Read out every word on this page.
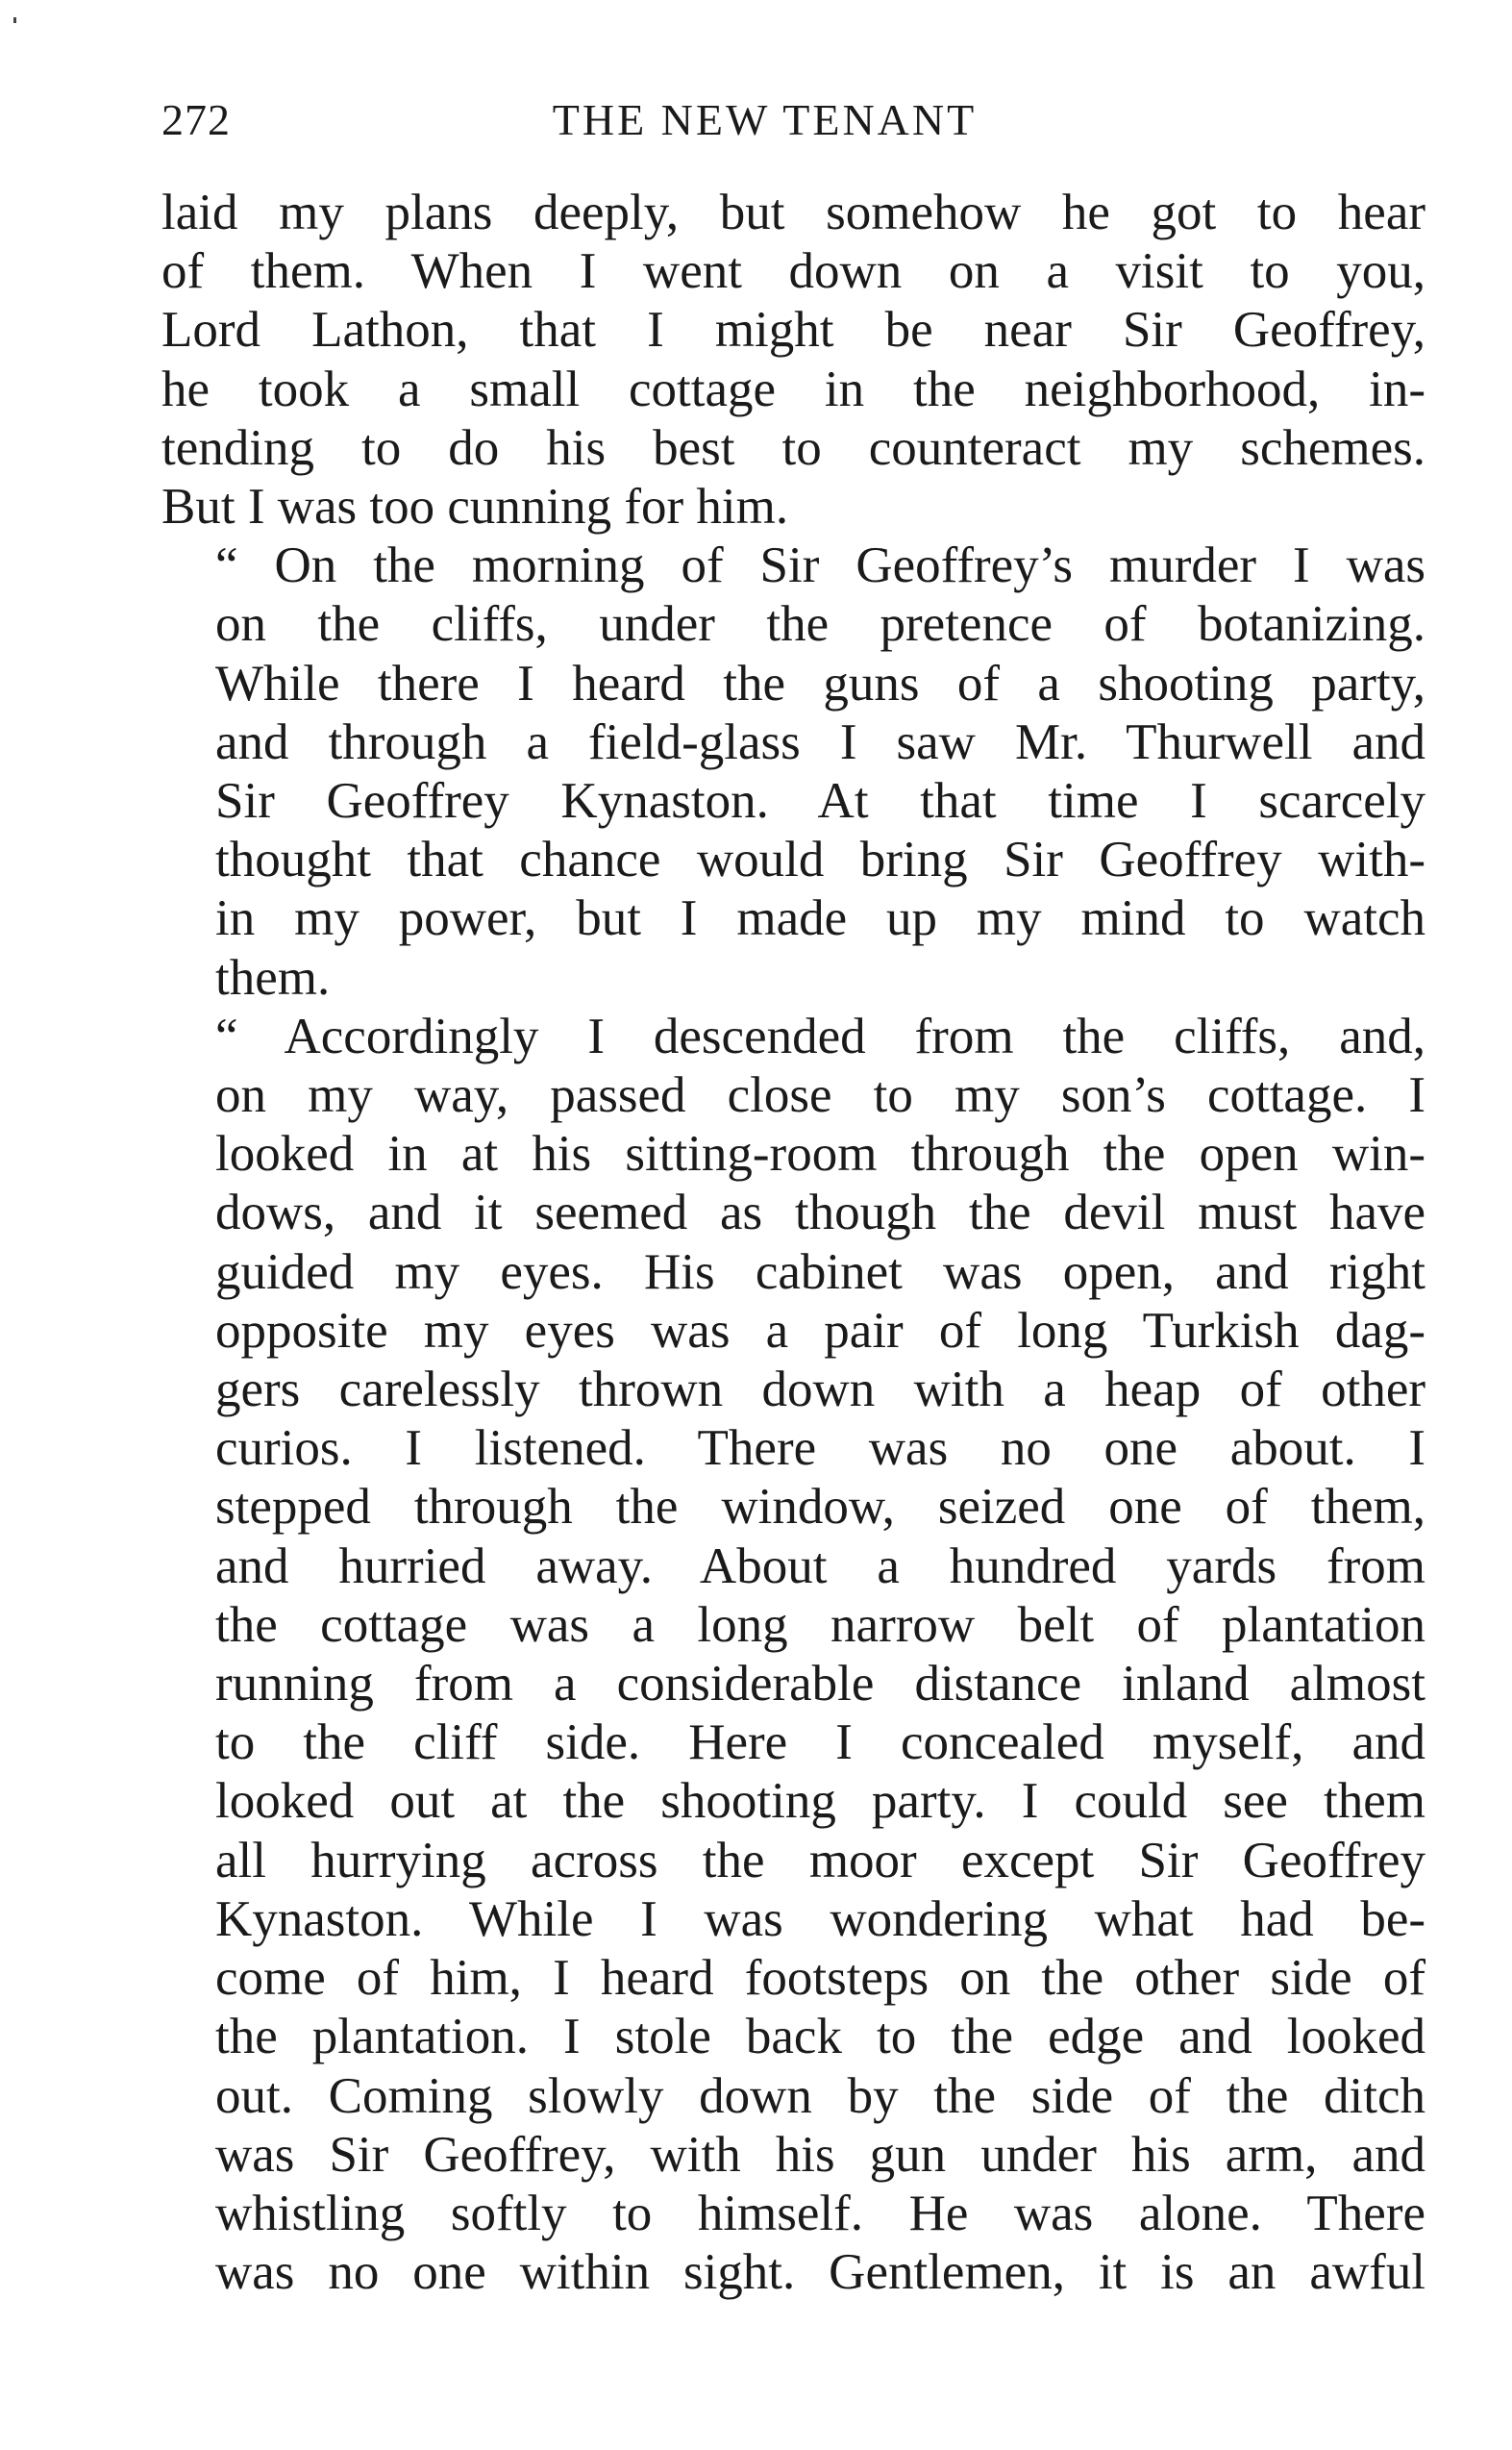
272	THE NEW TENANT

laid my plans deeply, but somehow he got to hear
of them. When I went down on a visit to you,
Lord Lathon, that I might be near Sir Geoffrey,
he took a small cottage in the neighborhood, in-
tending to do his best to counteract my schemes.
But I was too cunning for him.

“ On the morning of Sir Geoffrey’s murder I was
on the cliffs, under the pretence of botanizing.
While there I heard the guns of a shooting party,
and through a field-glass I saw Mr. Thurwell and
Sir Geoffrey Kynaston. At that time I scarcely
thought that chance would bring Sir Geoffrey with-
in my power, but I made up my mind to watch
them.

“ Accordingly I descended from the cliffs, and,
on my way, passed close to my son’s cottage. I
looked in at his sitting-room through the open win-
dows, and it seemed as though the devil must have
guided my eyes. His cabinet was open, and right
opposite my eyes was a pair of long Turkish dag-
gers carelessly thrown down with a heap of other
curios. I listened. There was no one about. I
stepped through the window, seized one of them,
and hurried away. About a hundred yards from
the cottage was a long narrow belt of plantation
running from a considerable distance inland almost
to the cliff side. Here I concealed myself, and
looked out at the shooting party. I could see them
all hurrying across the moor except Sir Geoffrey
Kynaston. While I was wondering what had be-
come of him, I heard footsteps on the other side of
the plantation. I stole back to the edge and looked
out. Coming slowly down by the side of the ditch
was Sir Geoffrey, with his gun under his arm, and
whistling softly to himself. He was alone. There
was no one within sight. Gentlemen, it is an awful
